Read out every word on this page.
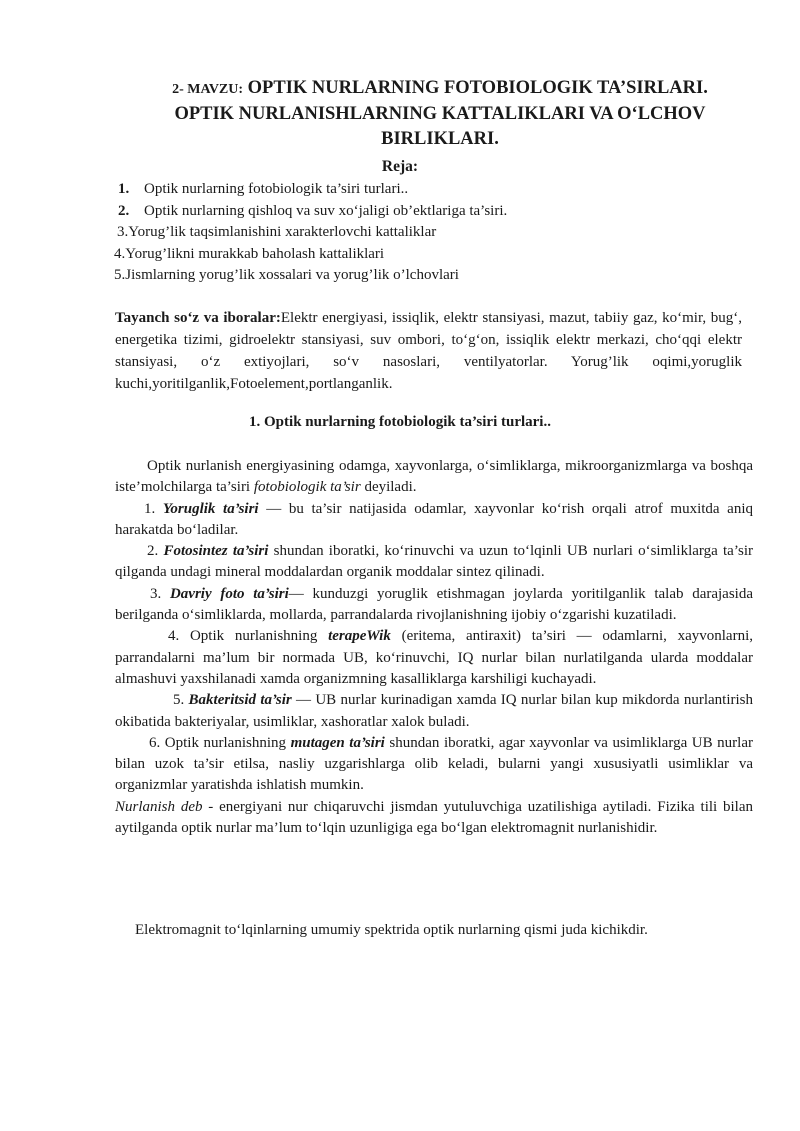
2- MAVZU: OPTIK NURLARNING FOTOBIOLOGIK TA’SIRLARI.
OPTIK NURLANISHLARNING KATTALIKLARI VA O‘LCHOV
BIRLIKLARI.
Reja:
1. Optik nurlarning fotobiologik ta’siri turlari..
2. Optik nurlarning qishloq va suv xo‘jaligi ob’ektlariga ta’siri.
3.Yorug’lik taqsimlanishini xarakterlovchi kattaliklar
4.Yorug’likni murakkab baholash kattaliklari
5.Jismlarning yorug’lik xossalari va yorug’lik o’lchovlari
Tayanch so‘z va iboralar:Elektr energiyasi, issiqlik, elektr stansiyasi, mazut, tabiiy gaz, ko‘mir, bug‘, energetika tizimi, gidroelektr stansiyasi, suv ombori, to‘g‘on, issiqlik elektr merkazi, cho‘qqi elektr stansiyasi, o‘z extiyojlari, so‘v nasoslari, ventilyatorlar. Yorug’lik oqimi,yoruglik kuchi,yoritilganlik,Fotoelement,portlanganlik.
1. Optik nurlarning fotobiologik ta’siri turlari..

Optik nurlanish energiyasining odamga, xayvonlarga, o‘simliklarga, mikroorganizmlarga va boshqa iste’molchilarga ta’siri fotobiologik ta’sir deyiladi.

1. Yoruglik ta’siri — bu ta’sir natijasida odamlar, xayvonlar ko‘rish orqali atrof muxitda aniq harakatda bo‘ladilar.

2. Fotosintez ta’siri shundan iboratki, ko‘rinuvchi va uzun to‘lqinli UB nurlari o‘simliklarga ta’sir qilganda undagi mineral moddalardan organik moddalar sintez qilinadi.

3. Davriy foto ta’siri— kunduzgi yoruglik etishmagan joylarda yoritilganlik talab darajasida berilganda o‘simliklarda, mollarda, parrandalarda rivojlanishning ijobiy o‘zgarishi kuzatiladi.

4. Optik nurlanishning terapeWik (eritema, antiraxit) ta’siri — odamlarni, xayvonlarni, parrandalarni ma’lum bir normada UB, ko‘rinuvchi, IQ nurlar bilan nurlatilganda ularda moddalar almashuvi yaxshilanadi xamda organizmning kasalliklarga karshiligi kuchayadi.

5. Bakteritsid ta’sir — UB nurlar kurinadigan xamda IQ nurlar bilan kup mikdorda nurlantirish okibatida bakteriyalar, usimliklar, xashoratlar xalok buladi.

6. Optik nurlanishning mutagen ta’siri shundan iboratki, agar xayvonlar va usimliklarga UB nurlar bilan uzok ta’sir etilsa, nasliy uzgarishlarga olib keladi, bularni yangi xususiyatli usimliklar va organizmlar yaratishda ishlatish mumkin.

Nurlanish deb - energiyani nur chiqaruvchi jismdan yutuluvchiga uzatilishiga aytiladi. Fizika tili bilan aytilganda optik nurlar ma’lum to‘lqin uzunligiga ega bo‘lgan elektromagnit nurlanishidir.

Elektromagnit to‘lqinlarning umumiy spektrida optik nurlarning qismi juda kichikdir.
